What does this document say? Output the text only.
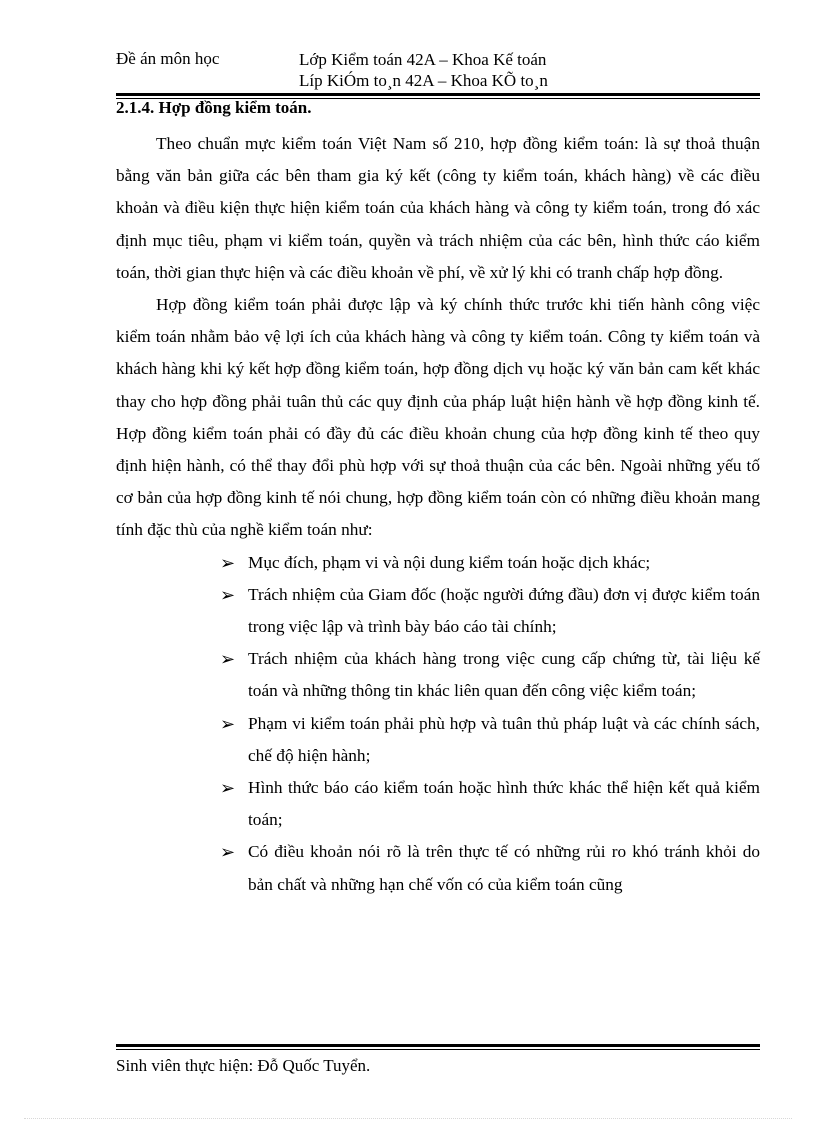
Đề án môn học	Lớp Kiểm toán 42A – Khoa Kế toán
Líp KiÓm to¸n 42A – Khoa KÕ to¸n
2.1.4. Hợp đồng kiểm toán.

Theo chuẩn mực kiểm toán Việt Nam số 210, hợp đồng kiểm toán: là sự thoả thuận bằng văn bản giữa các bên tham gia ký kết (công ty kiểm toán, khách hàng) về các điều khoản và điều kiện thực hiện kiểm toán của khách hàng và công ty kiểm toán, trong đó xác định mục tiêu, phạm vi kiểm toán, quyền và trách nhiệm của các bên, hình thức cáo kiểm toán, thời gian thực hiện và các điều khoản về phí, về xử lý khi có tranh chấp hợp đồng.

Hợp đồng kiểm toán phải được lập và ký chính thức trước khi tiến hành công việc kiểm toán nhằm bảo vệ lợi ích của khách hàng và công ty kiểm toán. Công ty kiểm toán và khách hàng khi ký kết hợp đồng kiểm toán, hợp đồng dịch vụ hoặc ký văn bản cam kết khác thay cho hợp đồng phải tuân thủ các quy định của pháp luật hiện hành về hợp đồng kinh tế. Hợp đồng kiểm toán phải có đầy đủ các điều khoản chung của hợp đồng kinh tế theo quy định hiện hành, có thể thay đổi phù hợp với sự thoả thuận của các bên. Ngoài những yếu tố cơ bản của hợp đồng kinh tế nói chung, hợp đồng kiểm toán còn có những điều khoản mang tính đặc thù của nghề kiểm toán như:

➢ Mục đích, phạm vi và nội dung kiểm toán hoặc dịch khác;
➢ Trách nhiệm của Giam đốc (hoặc người đứng đầu) đơn vị được kiểm toán trong việc lập và trình bày báo cáo tài chính;
➢ Trách nhiệm của khách hàng trong việc cung cấp chứng từ, tài liệu kế toán và những thông tin khác liên quan đến công việc kiểm toán;
➢ Phạm vi kiểm toán phải phù hợp và tuân thủ pháp luật và các chính sách, chế độ hiện hành;
➢ Hình thức báo cáo kiểm toán hoặc hình thức khác thể hiện kết quả kiểm toán;
➢ Có điều khoản nói rõ là trên thực tế có những rủi ro khó tránh khỏi do bản chất và những hạn chế vốn có của kiểm toán cũng
Sinh viên thực hiện: Đỗ Quốc Tuyển.
